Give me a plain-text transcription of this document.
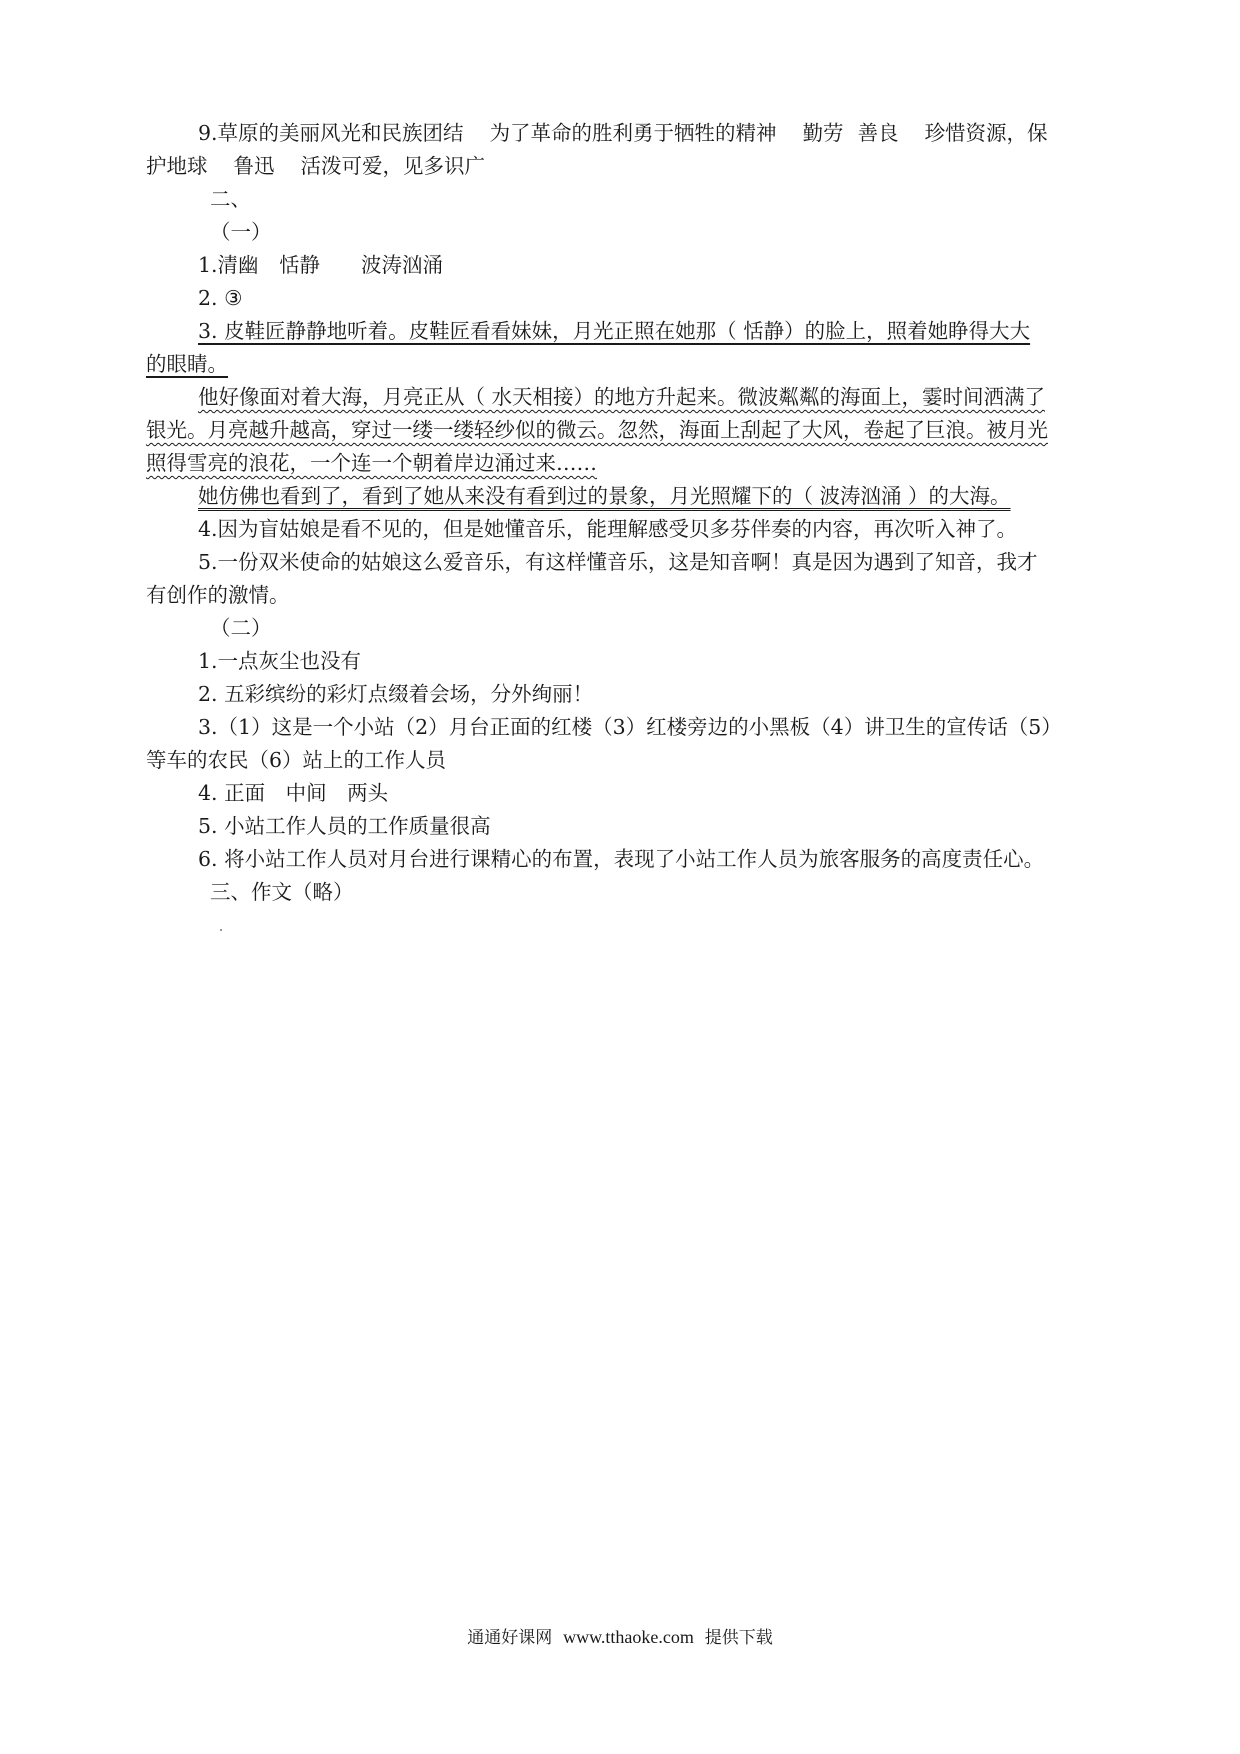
9.草原的美丽风光和民族团结 为了革命的胜利勇于牺牲的精神 勤劳 善良 珍惜资源，保
护地球 鲁迅 活泼可爱，见多识广
二、
（一）
1.清幽　恬静　　波涛汹涌
2. ③
3. 皮鞋匠静静地听着。皮鞋匠看看妹妹，月光正照在她那（ 恬静）的脸上，照着她睁得大大
的眼睛。
他好像面对着大海，月亮正从（ 水天相接）的地方升起来。微波粼粼的海面上，霎时间洒满了
银光。月亮越升越高，穿过一缕一缕轻纱似的微云。忽然，海面上刮起了大风，卷起了巨浪。被月光
照得雪亮的浪花，一个连一个朝着岸边涌过来……
她仿佛也看到了，看到了她从来没有看到过的景象，月光照耀下的（ 波涛汹涌 ）的大海。
4.因为盲姑娘是看不见的，但是她懂音乐，能理解感受贝多芬伴奏的内容，再次听入神了。
5.一份双米使命的姑娘这么爱音乐，有这样懂音乐，这是知音啊！真是因为遇到了知音，我才
有创作的激情。
（二）
1.一点灰尘也没有
2. 五彩缤纷的彩灯点缀着会场，分外绚丽！
3.（1）这是一个小站（2）月台正面的红楼（3）红楼旁边的小黑板（4）讲卫生的宣传话（5）
等车的农民（6）站上的工作人员
4. 正面　中间　两头
5. 小站工作人员的工作质量很高
6. 将小站工作人员对月台进行课精心的布置，表现了小站工作人员为旅客服务的高度责任心。
三、作文（略）
通通好课网 www.tthaoke.com 提供下载
